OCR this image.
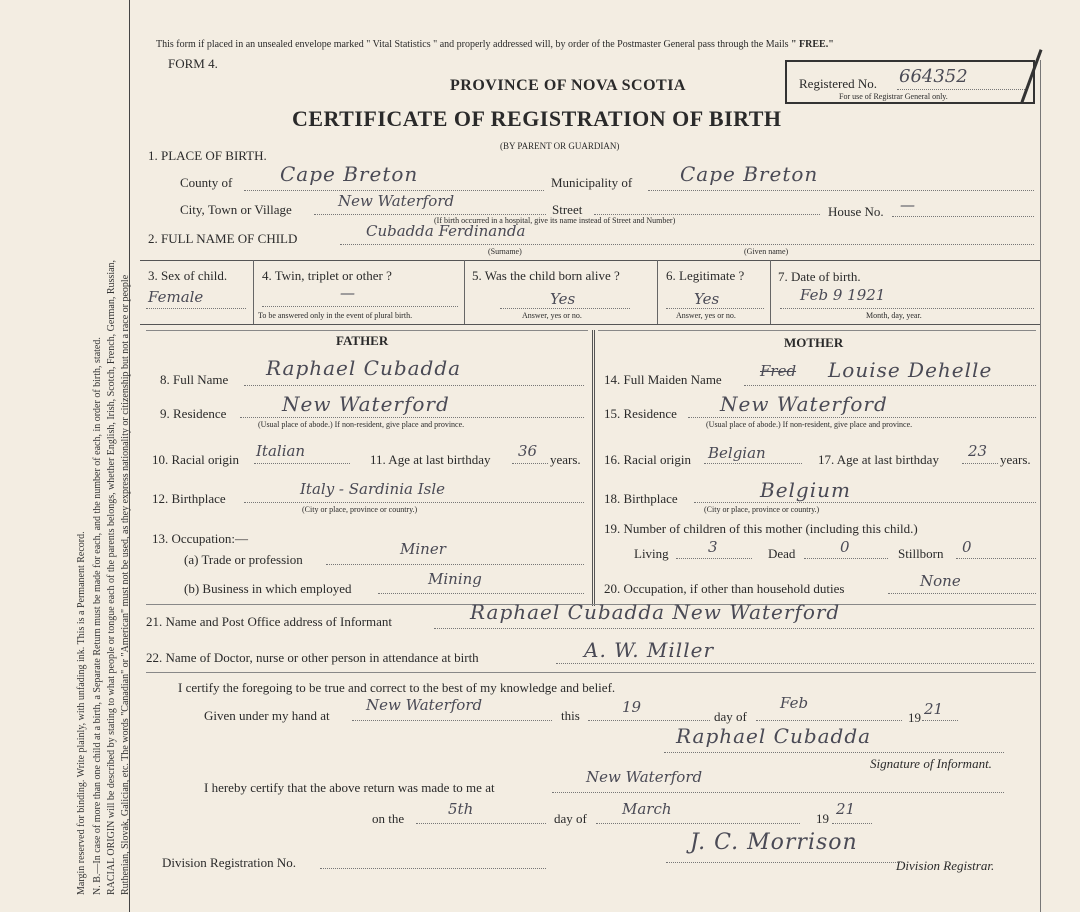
Margin reserved for binding. Write plainly, with unfading ink. This is a Permanent Record. N. B.—In case of more than one child at a birth, a Separate Return must be made for each, and the number of each, in order of birth, stated. RACIAL ORIGIN will be described by stating to what people or tongue each of the parents belongs, whether English, Irish, Scotch, French, German, Russian, Ruthenian, Slovak, Galician, etc. The words "Canadian" or "American" must not be used, as they express nationality or citizenship but not a race or people
This form if placed in an unsealed envelope marked " Vital Statistics " and properly addressed will, by order of the Postmaster General pass through the Mails " FREE."
FORM 4.
PROVINCE OF NOVA SCOTIA
CERTIFICATE OF REGISTRATION OF BIRTH
(BY PARENT OR GUARDIAN)
Registered No. 664352
For use of Registrar General only.
1. PLACE OF BIRTH.
County of Cape Breton	Municipality of Cape Breton
City, Town or Village	New Waterford
(If birth occurred in a hospital, give its name instead of Street and Number)
Street	House No. —
2. FULL NAME OF CHILD	Cubadda Ferdinanda
(Surname)	(Given name)
3. Sex of child.
Female
4. Twin, triplet or other ?
—
To be answered only in the event of plural birth.
5. Was the child born alive ?
Yes
Answer, yes or no.
6. Legitimate ?
Yes
Answer, yes or no.
7. Date of birth.
Feb 9 1921
Month, day, year.
FATHER	MOTHER
8. Full Name Raphael Cubadda
9. Residence	New Waterford
(Usual place of abode.) If non-resident, give place and province.
10. Racial origin Italian	11. Age at last birthday 36 years.
12. Birthplace
Italy - Sardinia Isle
(City or place, province or country.)
13. Occupation:—
(a) Trade or profession
Miner
(b) Business in which employed
Mining
14. Full Maiden Name	Fred Louise Dehelle
15. Residence New Waterford
(Usual place of abode.) If non-resident, give place and province.
16. Racial origin Belgian	17. Age at last birthday 23 years.
18. Birthplace	Belgium
(City or place, province or country.)
19. Number of children of this mother (including this child.)
Living	3	Dead	0	Stillborn 0
20. Occupation, if other than household duties	None
21. Name and Post Office address of Informant	Raphael Cubadda New Waterford
22. Name of Doctor, nurse or other person in attendance at birth	A. W. Miller
I certify the foregoing to be true and correct to the best of my knowledge and belief.
Given under my hand at
New Waterford
this	19
day of
Feb
19 21
Raphael Cubadda
Signature of Informant.
I hereby certify that the above return was made to me at
New Waterford
on the
5th
day of
March
19
21
Division Registration No.
J. C. Morrison
Division Registrar.
